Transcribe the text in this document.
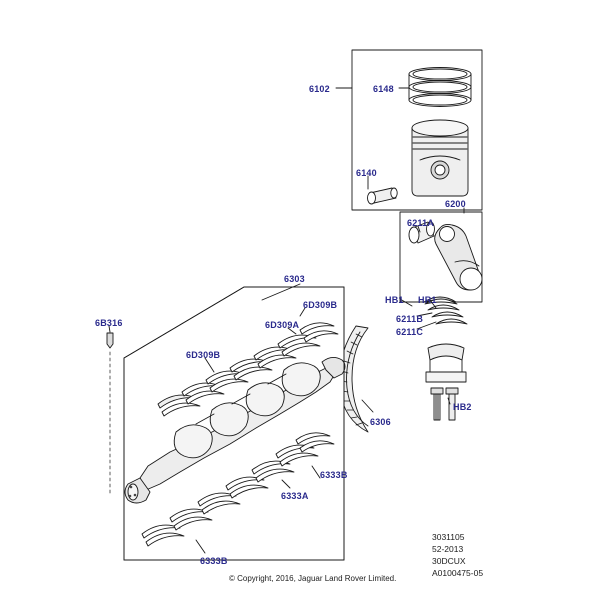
6102	6148
6140
6200
6211A
6303
6D309B	HB1 HR1
6D309A
6211B
6211C
6B316
6D309B
6306
HB2
6333B
6333A
6333B
3031105
52-2013
30DCUX
A0100475-05
© Copyright, 2016, Jaguar Land Rover Limited.
